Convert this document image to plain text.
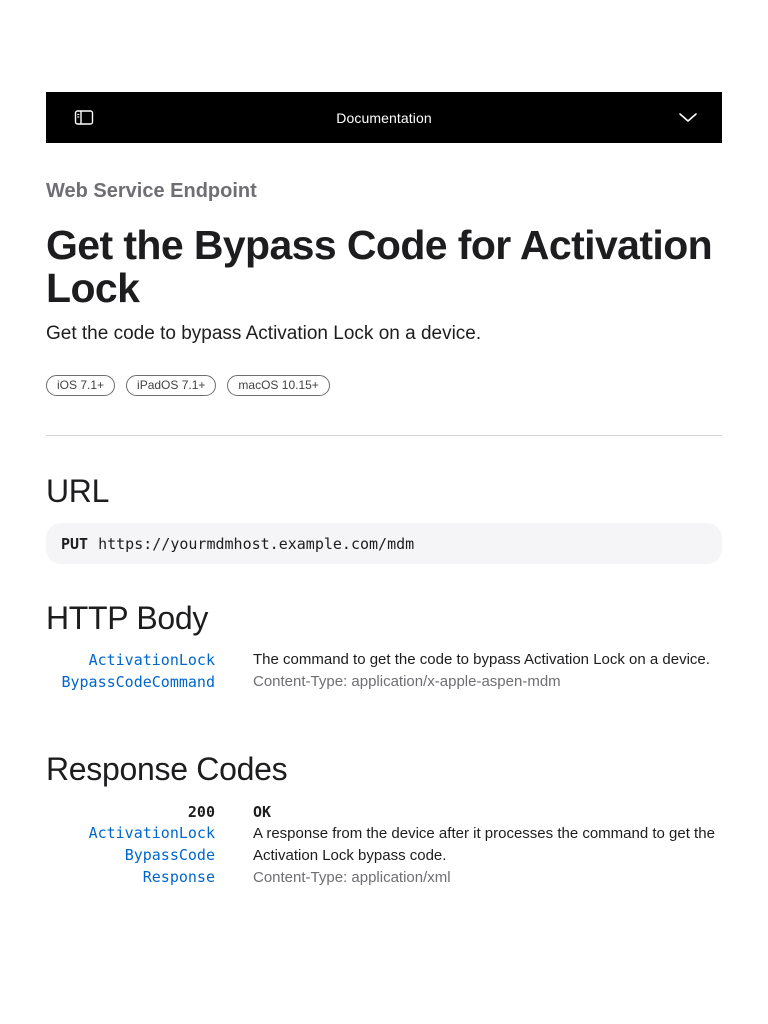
Documentation
Web Service Endpoint
Get the Bypass Code for Activation Lock

Get the code to bypass Activation Lock on a device.

iOS 7.1+	iPadOS 7.1+	macOS 10.15+
URL
PUT https://yourmdmhost.example.com/mdm
HTTP Body
ActivationLock
BypassCodeCommand
The command to get the code to bypass Activation Lock on a device.
Content-Type: application/x-apple-aspen-mdm
Response Codes
200
ActivationLock
BypassCode
Response
OK
A response from the device after it processes the command to get the Activation Lock bypass code.
Content-Type: application/xml
